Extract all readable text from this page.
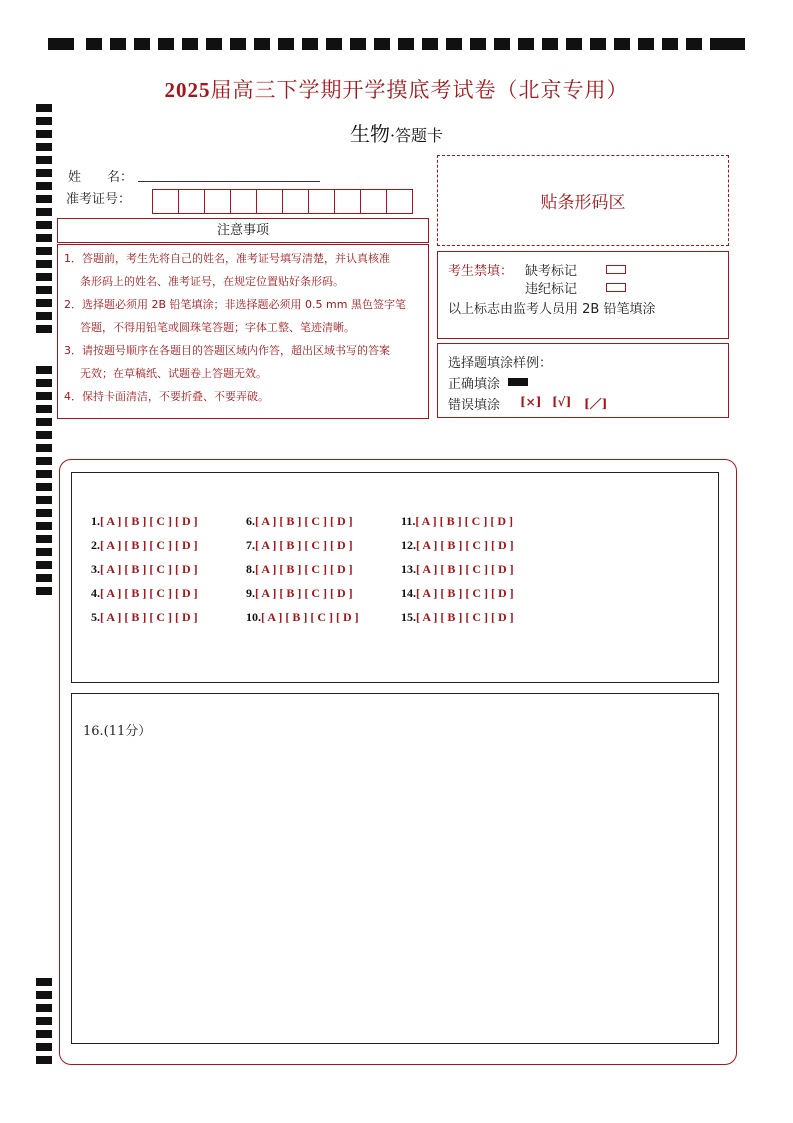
2025届高三下学期开学摸底考试卷（北京专用）
生物·答题卡
姓　　名：
准考证号：	贴条形码区
注意事项

1．答题前，考生先将自己的姓名，准考证号填写清楚，并认真核准

条形码上的姓名、准考证号，在规定位置贴好条形码。

2．选择题必须用 2B 铅笔填涂；非选择题必须用 0.5 mm 黑色签字笔

答题，不得用铅笔或圆珠笔答题；字体工整、笔迹清晰。

3．请按题号顺序在各题目的答题区域内作答，超出区域书写的答案

无效；在草稿纸、试题卷上答题无效。

4．保持卡面清洁，不要折叠、不要弄破。

考生禁填： 缺考标记
违纪标记
以上标志由监考人员用 2B 铅笔填涂
选择题填涂样例：
正确填涂
错误填涂 [×] [√] [／]
1.[ A ] [ B ] [ C ] [ D ]
2.[ A ] [ B ] [ C ] [ D ]
3.[ A ] [ B ] [ C ] [ D ]
4.[ A ] [ B ] [ C ] [ D ]
5.[ A ] [ B ] [ C ] [ D ]
6.[ A ] [ B ] [ C ] [ D ]
7.[ A ] [ B ] [ C ] [ D ]
8.[ A ] [ B ] [ C ] [ D ]
9.[ A ] [ B ] [ C ] [ D ]
10.[ A ] [ B ] [ C ] [ D ]
11.[ A ] [ B ] [ C ] [ D ]
12.[ A ] [ B ] [ C ] [ D ]
13.[ A ] [ B ] [ C ] [ D ]
14.[ A ] [ B ] [ C ] [ D ]
15.[ A ] [ B ] [ C ] [ D ]
16.(11分）
